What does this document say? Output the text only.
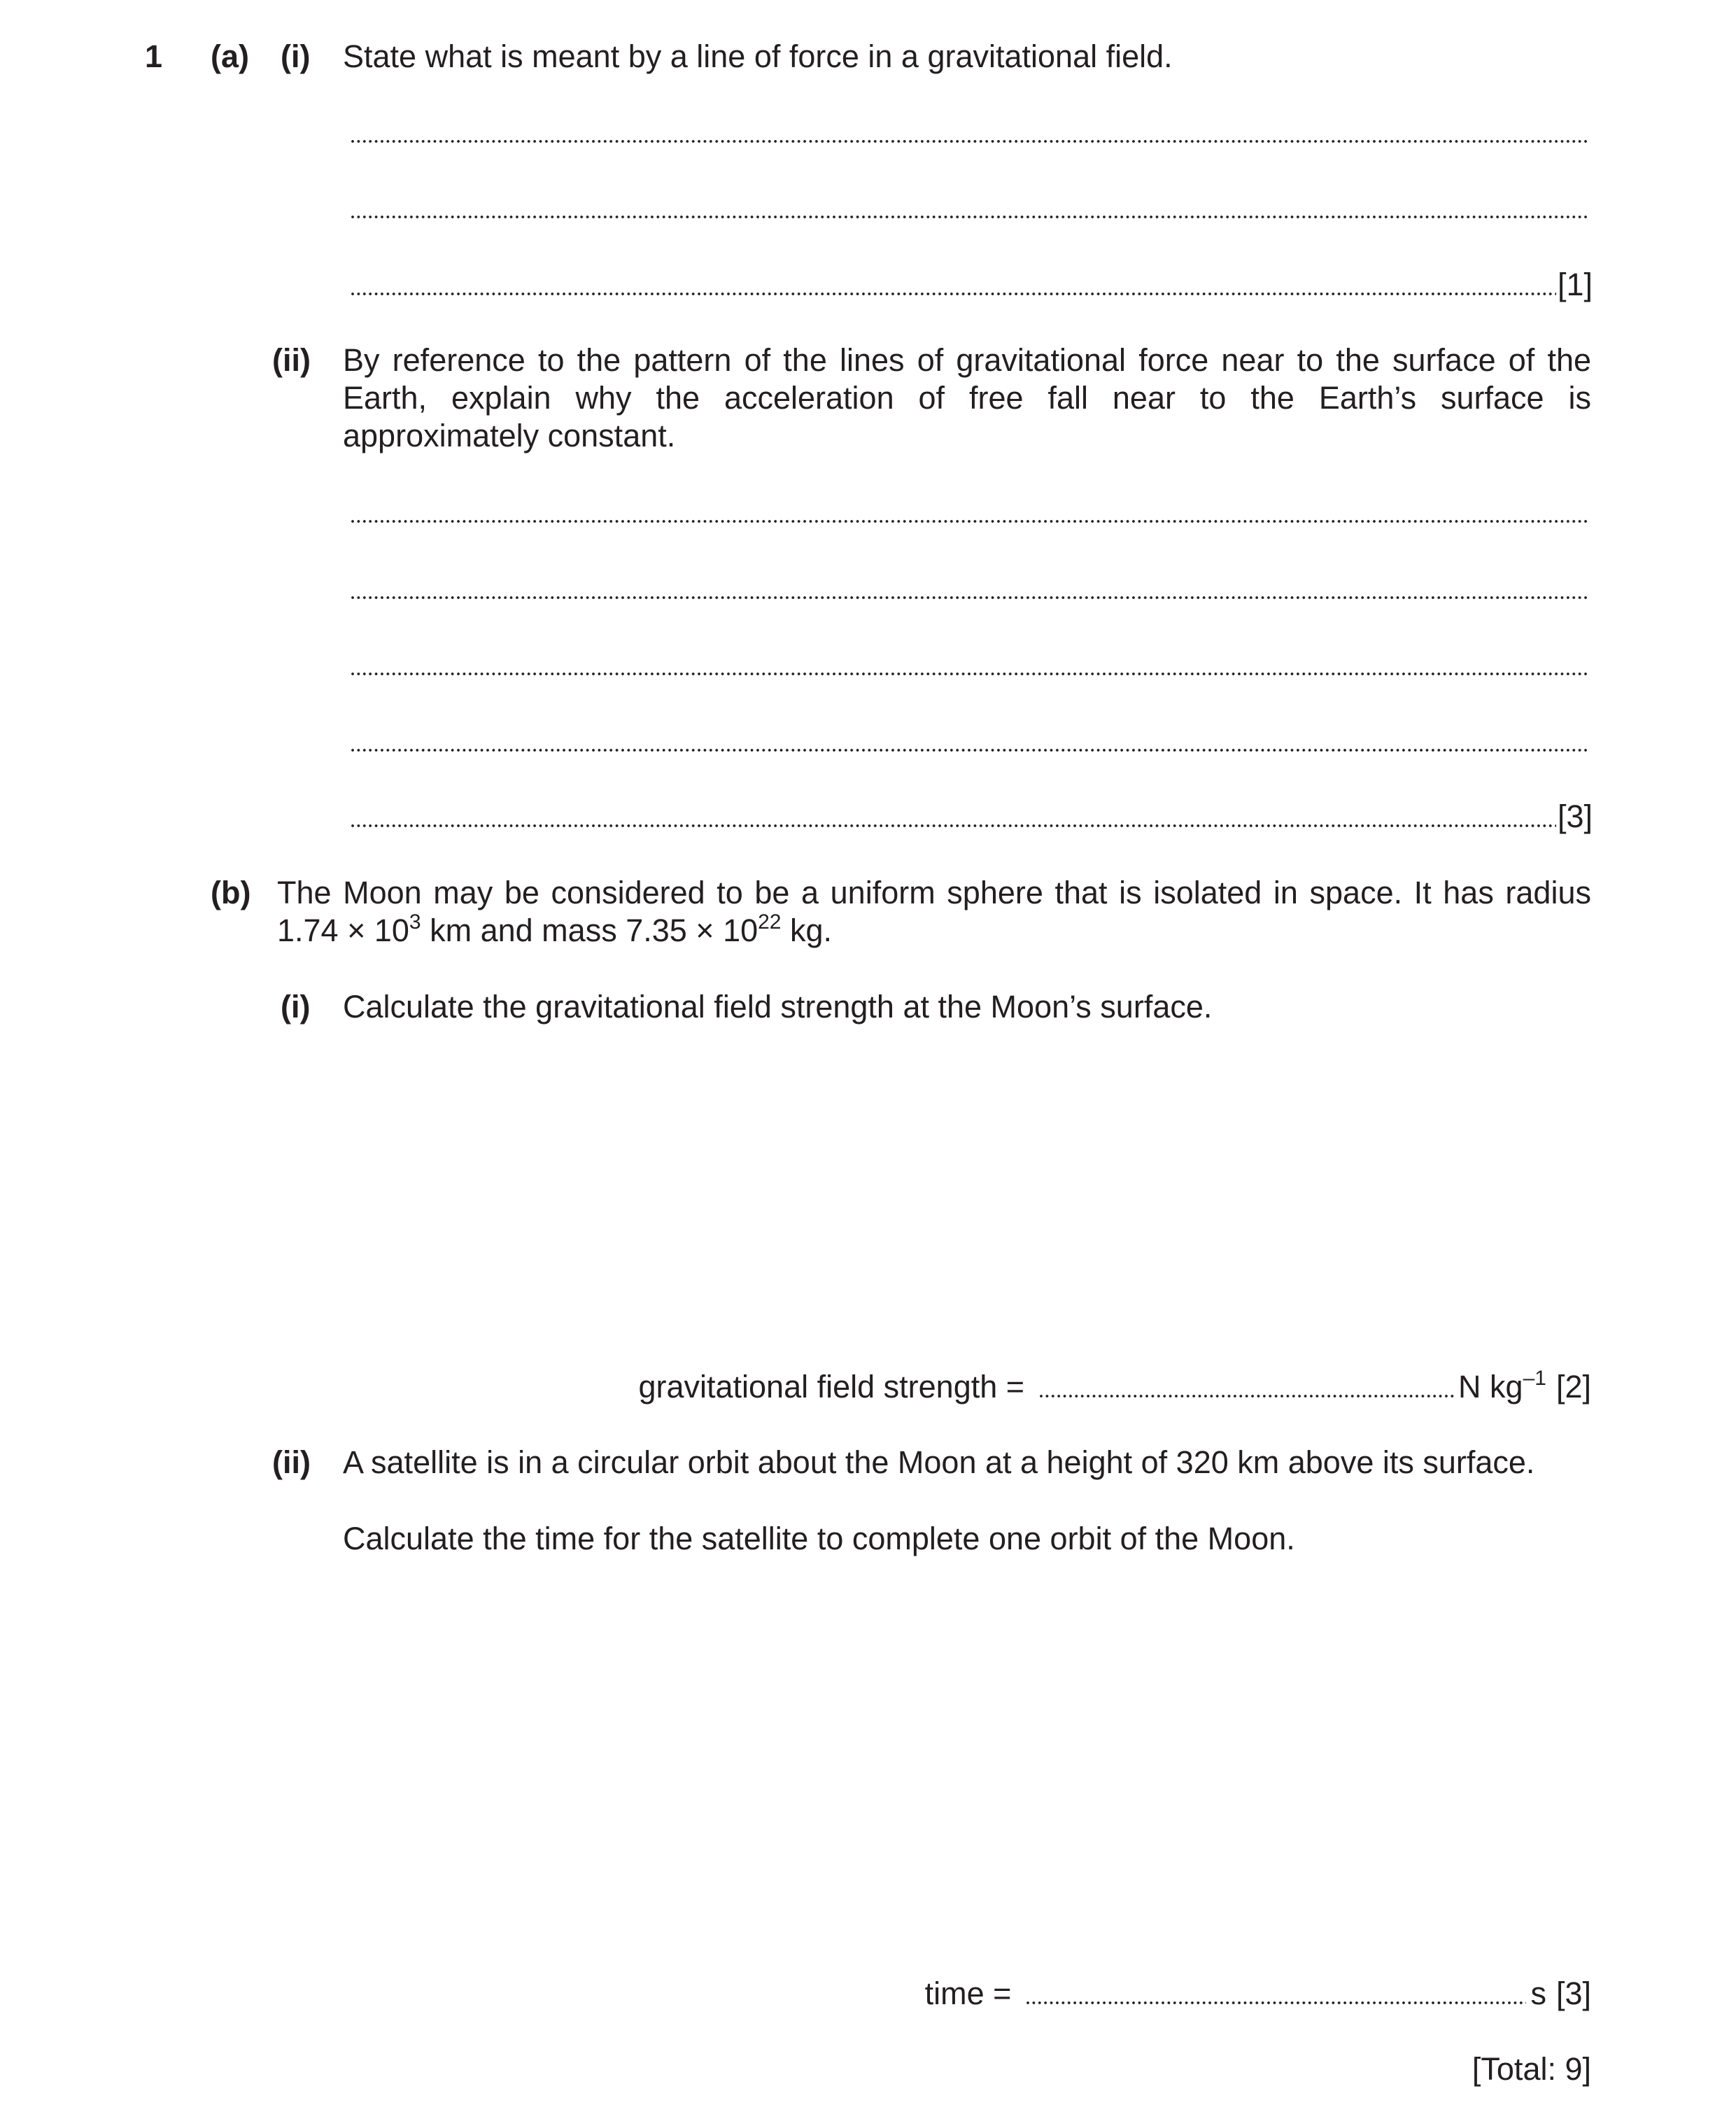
1 (a) (i) State what is meant by a line of force in a gravitational field.
[1]
(ii) By reference to the pattern of the lines of gravitational force near to the surface of the Earth, explain why the acceleration of free fall near to the Earth’s surface is approximately constant.
[3]
(b) The Moon may be considered to be a uniform sphere that is isolated in space. It has radius
$1.74 \times 10^3$ km and mass $7.35 \times 10^{22}$ kg.
(i) Calculate the gravitational field strength at the Moon’s surface.
gravitational field strength =	N $kg^{-1}$ [2]
(ii) A satellite is in a circular orbit about the Moon at a height of 320 km above its surface.
Calculate the time for the satellite to complete one orbit of the Moon.
time =	s [3]
[Total: 9]
